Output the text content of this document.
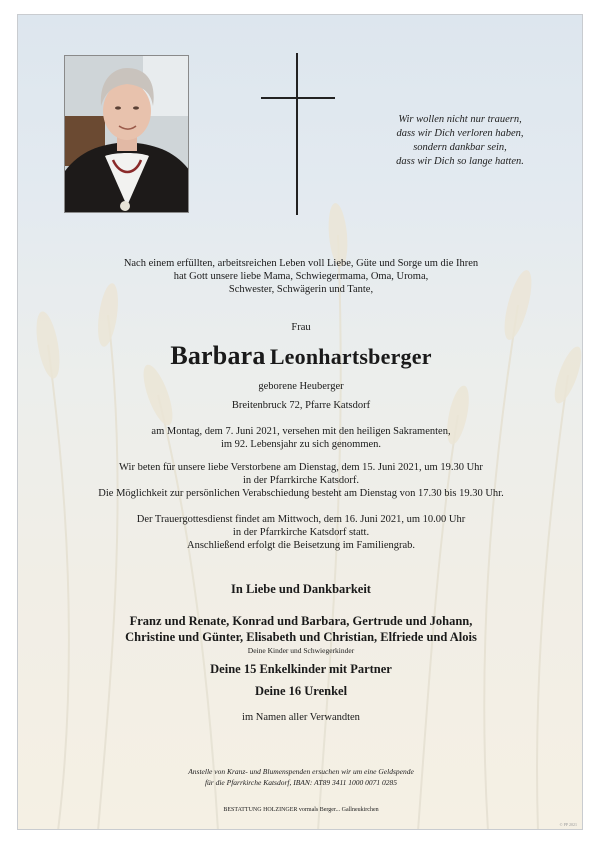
Wir wollen nicht nur trauern,
dass wir Dich verloren haben,
sondern dankbar sein,
dass wir Dich so lange hatten.
Nach einem erfüllten, arbeitsreichen Leben voll Liebe, Güte und Sorge um die Ihren
hat Gott unsere liebe Mama, Schwiegermama, Oma, Uroma,
Schwester, Schwägerin und Tante,
Frau
Barbara Leonhartsberger
geborene Heuberger
Breitenbruck 72, Pfarre Katsdorf
am Montag, dem 7. Juni 2021, versehen mit den heiligen Sakramenten,
im 92. Lebensjahr zu sich genommen.
Wir beten für unsere liebe Verstorbene am Dienstag, dem 15. Juni 2021, um 19.30 Uhr
in der Pfarrkirche Katsdorf.
Die Möglichkeit zur persönlichen Verabschiedung besteht am Dienstag von 17.30 bis 19.30 Uhr.
Der Trauergottesdienst findet am Mittwoch, dem 16. Juni 2021, um 10.00 Uhr
in der Pfarrkirche Katsdorf statt.
Anschließend erfolgt die Beisetzung im Familiengrab.
In Liebe und Dankbarkeit
Franz und Renate, Konrad und Barbara, Gertrude und Johann,
Christine und Günter, Elisabeth und Christian, Elfriede und Alois
Deine Kinder und Schwiegerkinder
Deine 15 Enkelkinder mit Partner
Deine 16 Urenkel
im Namen aller Verwandten
Anstelle von Kranz- und Blumenspenden ersuchen wir um eine Geldspende
für die Pfarrkirche Katsdorf, IBAN: AT89 3411 1000 0071 0285
BESTATTUNG HOLZINGER vormals Berger... Gallneukirchen
© PP 2021
